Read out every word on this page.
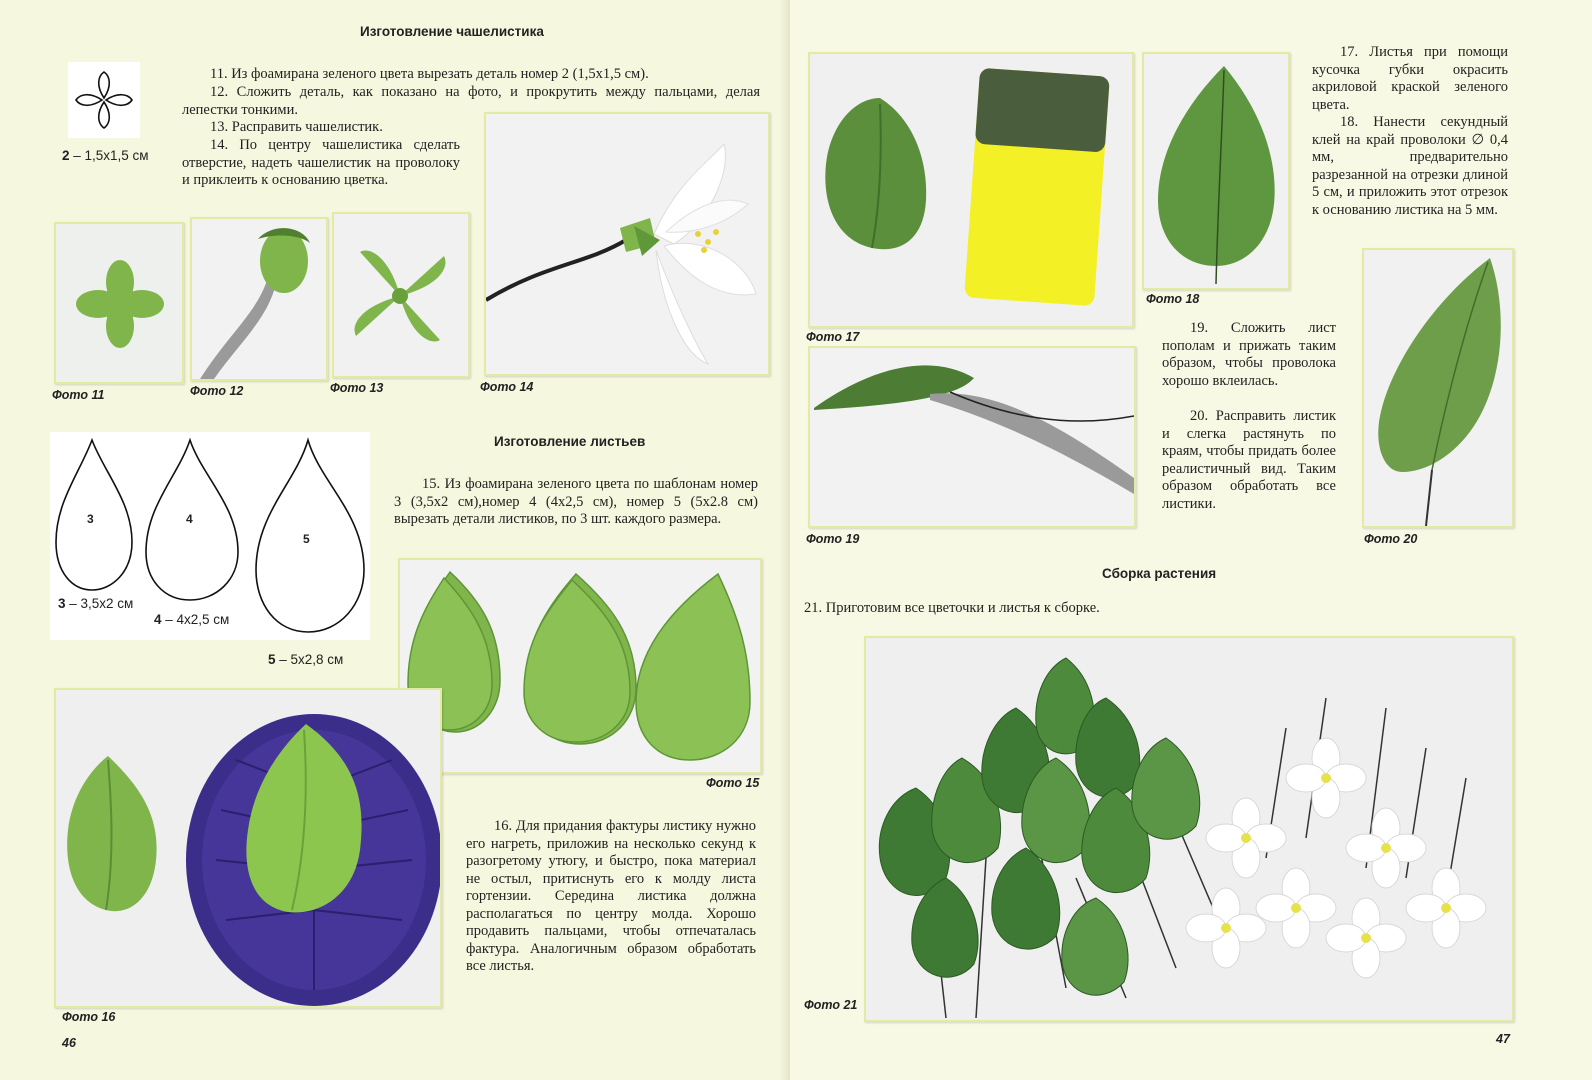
Изготовление чашелистика
2 – 1,5x1,5 см

11. Из фоамирана зеленого цвета вырезать деталь номер 2 (1,5x1,5 см).

12. Сложить деталь, как показано на фото, и прокрутить между пальцами, делая лепестки тонкими.

13. Расправить чашелистик.

14. По центру чашелистика сделать отверстие, надеть чашелистик на проволоку и приклеить к основанию цветка.

Фото 11	Фото 12	Фото 13	Фото 14
Изготовление листьев
3	4
5
3 – 3,5x2 см
4 – 4x2,5 см
5 – 5x2,8 см

15. Из фоамирана зеленого цвета по шаблонам номер 3 (3,5x2 см),номер 4 (4x2,5 см), номер 5 (5x2.8 см) вырезать детали листиков, по 3 шт. каждого размера.

Фото 15
Фото 16

16. Для придания фактуры листику нужно его нагреть, приложив на несколько секунд к разогретому утюгу, и быстро, пока материал не остыл, притиснуть его к молду листа гортензии. Середина листика должна располагаться по центру молда. Хорошо продавить пальцами, чтобы отпечаталась фактура. Аналогичным образом обработать все листья.

46
Фото 17
Фото 18

17. Листья при помощи кусочка губки окрасить акриловой краской зеленого цвета.

18. Нанести секундный клей на край проволоки ∅ 0,4 мм, предварительно разрезанной на отрезки длиной 5 см, и приложить этот отрезок к основанию листика на 5 мм.

Фото 19

19. Сложить лист пополам и прижать таким образом, чтобы проволока хорошо вклеилась.

20. Расправить листик и слегка растянуть по краям, чтобы придать более реалистичный вид. Таким образом обработать все листики.

Фото 20
Сборка растения

21. Приготовим все цветочки и листья к сборке.

Фото 21
47
